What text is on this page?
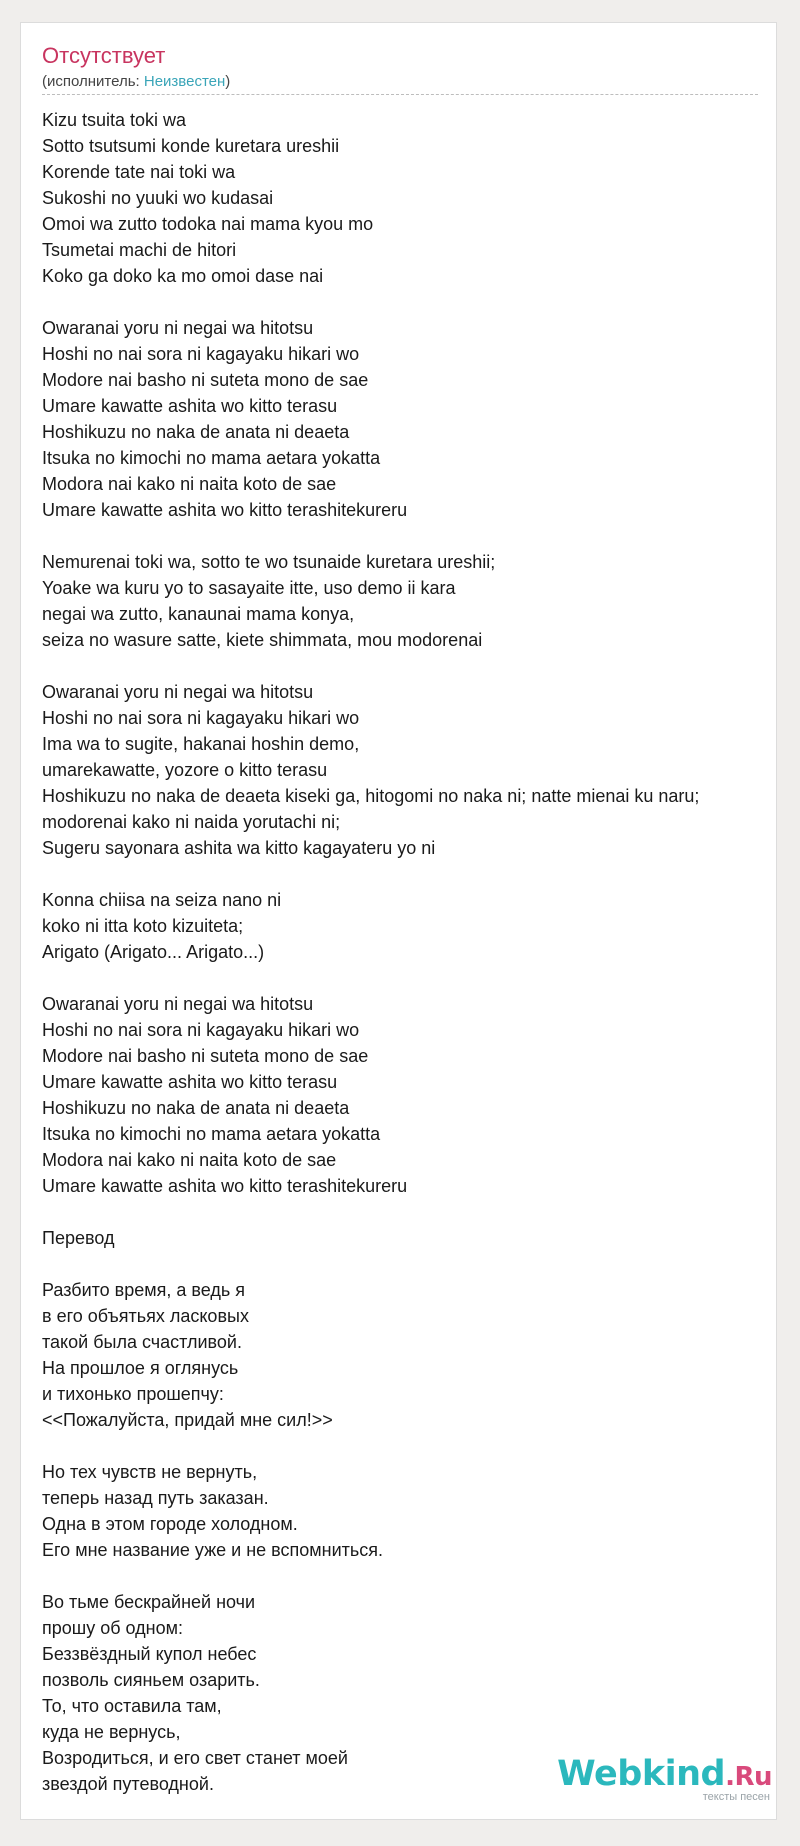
Отсутствует
(исполнитель: Неизвестен)
Kizu tsuita toki wa
Sotto tsutsumi konde kuretara ureshii
Korende tate nai toki wa
Sukoshi no yuuki wo kudasai
Omoi wa zutto todoka nai mama kyou mo
Tsumetai machi de hitori
Koko ga doko ka mo omoi dase nai
Owaranai yoru ni negai wa hitotsu
Hoshi no nai sora ni kagayaku hikari wo
Modore nai basho ni suteta mono de sae
Umare kawatte ashita wo kitto terasu
Hoshikuzu no naka de anata ni deaeta
Itsuka no kimochi no mama aetara yokatta
Modora nai kako ni naita koto de sae
Umare kawatte ashita wo kitto terashitekureru
Nemurenai toki wa, sotto te wo tsunaide kuretara ureshii;
Yoake wa kuru yo to sasayaite itte, uso demo ii kara
negai wa zutto, kanaunai mama konya,
seiza no wasure satte, kiete shimmata, mou modorenai
Owaranai yoru ni negai wa hitotsu
Hoshi no nai sora ni kagayaku hikari wo
Ima wa to sugite, hakanai hoshin demo,
umarekawatte, yozore o kitto terasu
Hoshikuzu no naka de deaeta kiseki ga, hitogomi no naka ni; natte mienai ku naru;
modorenai kako ni naida yorutachi ni;
Sugeru sayonara ashita wa kitto kagayateru yo ni
Konna chiisa na seiza nano ni
koko ni itta koto kizuiteta;
Arigato (Arigato... Arigato...)
Owaranai yoru ni negai wa hitotsu
Hoshi no nai sora ni kagayaku hikari wo
Modore nai basho ni suteta mono de sae
Umare kawatte ashita wo kitto terasu
Hoshikuzu no naka de anata ni deaeta
Itsuka no kimochi no mama aetara yokatta
Modora nai kako ni naita koto de sae
Umare kawatte ashita wo kitto terashitekureru
Перевод
Разбито время, а ведь я
в его объятьях ласковых
такой была счастливой.
На прошлое я оглянусь
и тихонько прошепчу:
<<Пожалуйста, придай мне сил!>>
Но тех чувств не вернуть,
теперь назад путь заказан.
Одна в этом городе холодном.
Его мне название уже и не вспомниться.
Во тьме бескрайней ночи
прошу об одном:
Беззвёздный купол небес
позволь сияньем озарить.
То, что оставила там,
куда не вернусь,
Возродиться, и его свет станет моей
звездой путеводной.	Webkind.Ru
тексты песен
